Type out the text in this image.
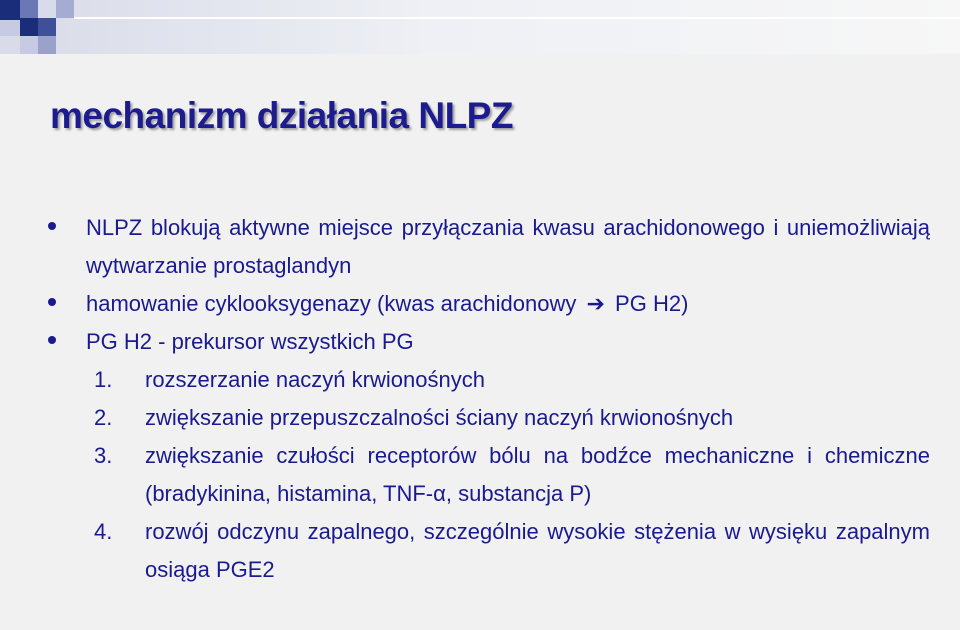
mechanizm działania NLPZ
NLPZ blokują aktywne miejsce przyłączania kwasu arachidonowego i uniemożliwiają wytwarzanie prostaglandyn
hamowanie cyklooksygenazy (kwas arachidonowy ➔ PG H2)
PG H2 - prekursor wszystkich PG
1. rozszerzanie naczyń krwionośnych
2. zwiększanie przepuszczalności ściany naczyń krwionośnych
3. zwiększanie czułości receptorów bólu na bodźce mechaniczne i chemiczne (bradykinina, histamina, TNF-α, substancja P)
4. rozwój odczynu zapalnego, szczególnie wysokie stężenia w wysięku zapalnym osiąga PGE2
